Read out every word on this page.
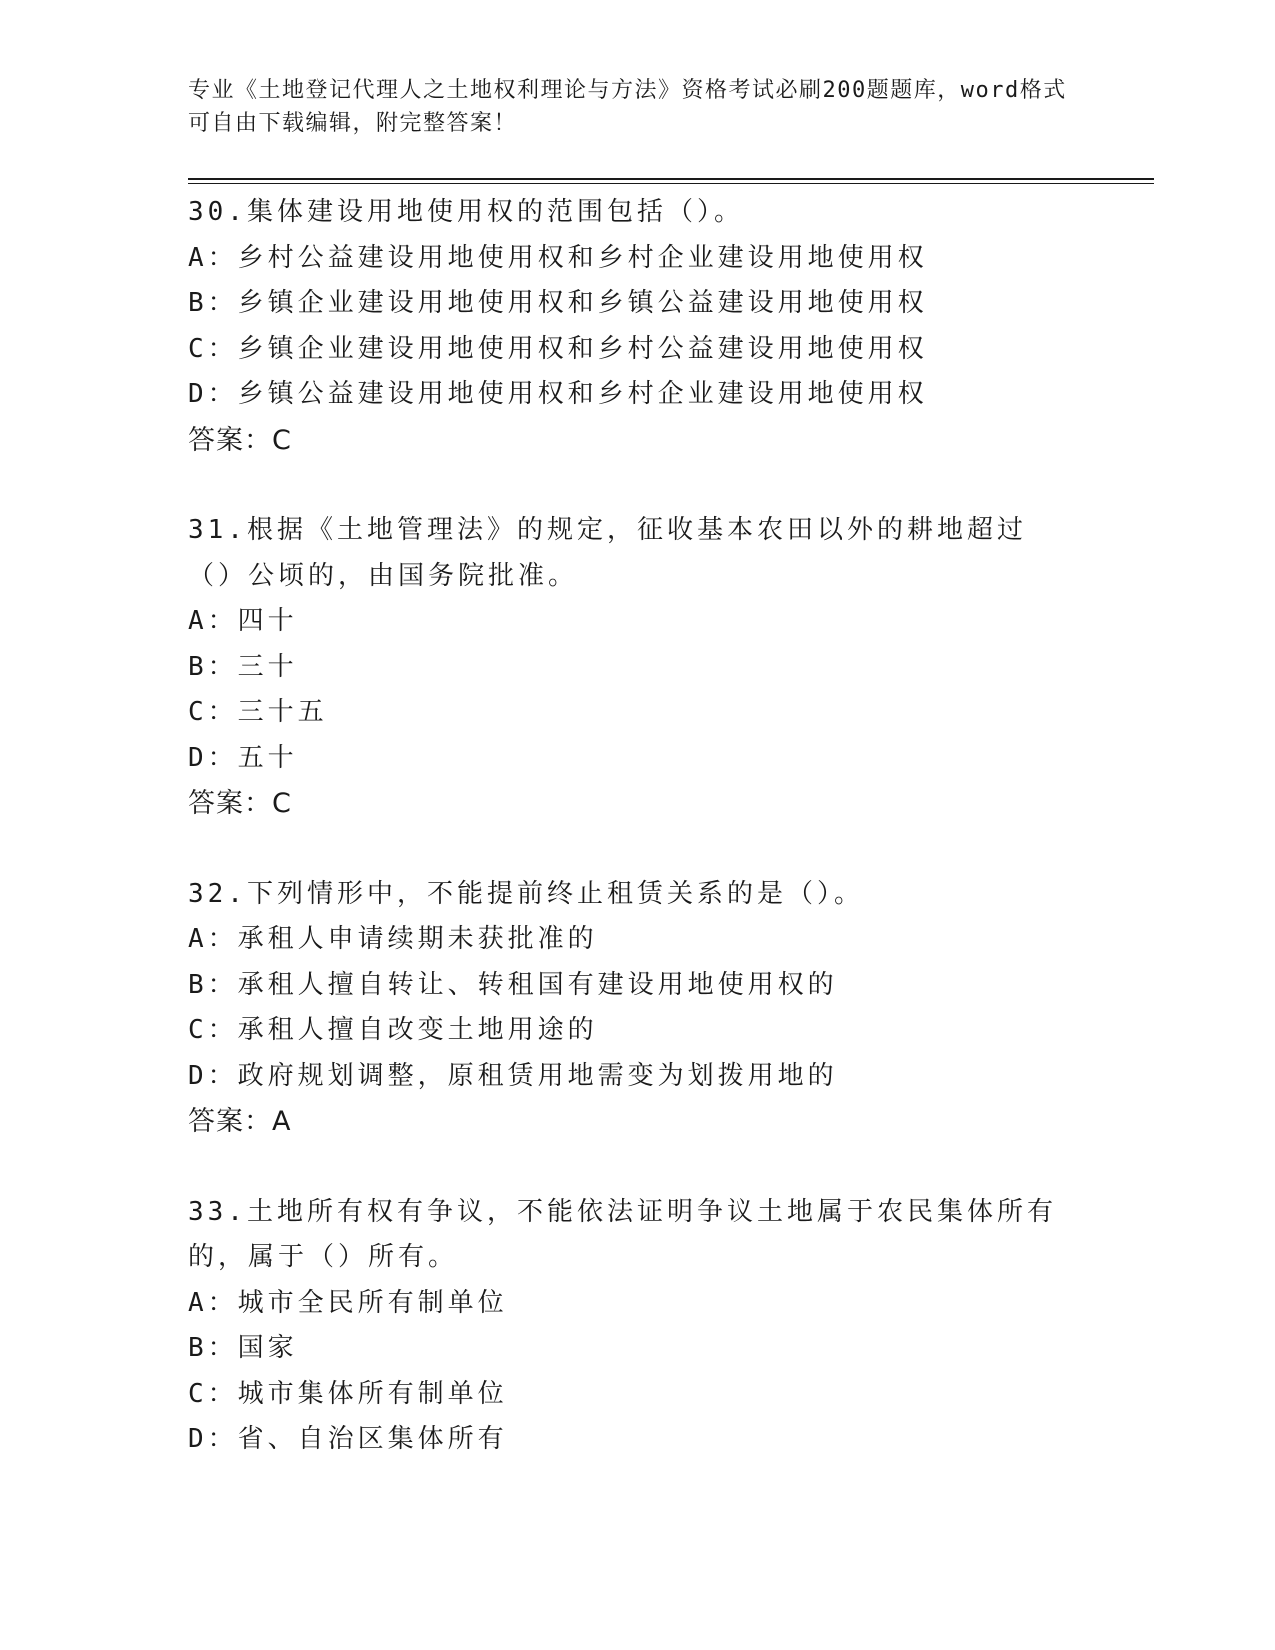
专业《土地登记代理人之土地权利理论与方法》资格考试必刷200题题库，word格式可自由下载编辑，附完整答案！
30.集体建设用地使用权的范围包括（）。
A：乡村公益建设用地使用权和乡村企业建设用地使用权
B：乡镇企业建设用地使用权和乡镇公益建设用地使用权
C：乡镇企业建设用地使用权和乡村公益建设用地使用权
D：乡镇公益建设用地使用权和乡村企业建设用地使用权
答案：C
31.根据《土地管理法》的规定，征收基本农田以外的耕地超过（）公顷的，由国务院批准。
A：四十
B：三十
C：三十五
D：五十
答案：C
32.下列情形中，不能提前终止租赁关系的是（）。
A：承租人申请续期未获批准的
B：承租人擅自转让、转租国有建设用地使用权的
C：承租人擅自改变土地用途的
D：政府规划调整，原租赁用地需变为划拨用地的
答案：A
33.土地所有权有争议，不能依法证明争议土地属于农民集体所有的，属于（）所有。
A：城市全民所有制单位
B：国家
C：城市集体所有制单位
D：省、自治区集体所有
